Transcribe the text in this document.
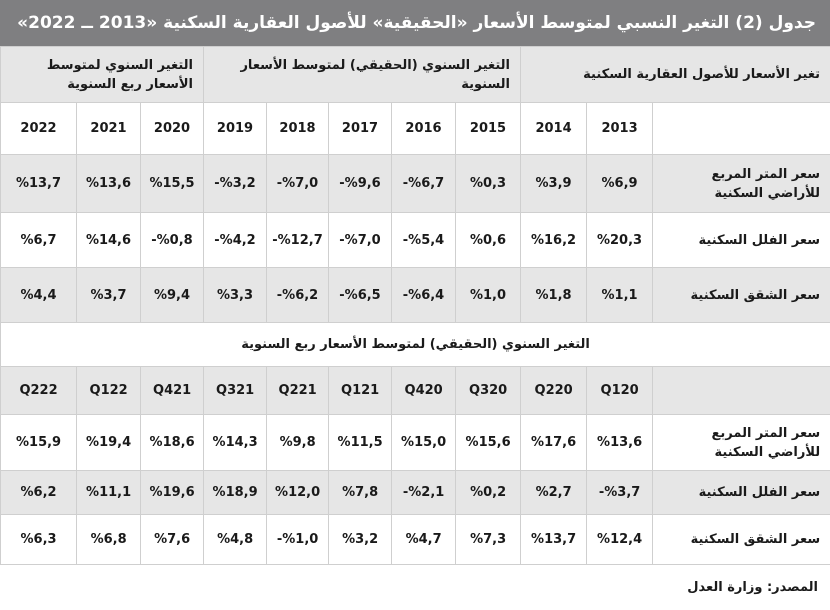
جدول (2) التغير النسبي لمتوسط الأسعار «الحقيقية» للأصول العقارية السكنية «2013 ــ 2022»
تغير الأسعار للأصول العقارية السكنية			التغير السنوي (الحقيقي) لمتوسط الأسعار السنوية					التغير السنوي لمتوسط الأسعار ربع السنوية		
	2013	2014	2015	2016	2017	2018	2019	2020	2021	2022
سعر المتر المربع للأراضي السكنية	%6,9	%3,9	%0,3	-%6,7	-%9,6	-%7,0	-%3,2	%15,5	%13,6	%13,7
سعر الفلل السكنية	%20,3	%16,2	%0,6	-%5,4	-%7,0	-%12,7	-%4,2	-%0,8	%14,6	%6,7
سعر الشقق السكنية	%1,1	%1,8	%1,0	-%6,4	-%6,5	-%6,2	%3,3	%9,4	%3,7	%4,4
التغير السنوي (الحقيقي) لمتوسط الأسعار ربع السنوية										
	Q120	Q220	Q320	Q420	Q121	Q221	Q321	Q421	Q122	Q222
سعر المتر المربع للأراضي السكنية	%13,6	%17,6	%15,6	%15,0	%11,5	%9,8	%14,3	%18,6	%19,4	%15,9
سعر الفلل السكنية	-%3,7	%2,7	%0,2	-%2,1	%7,8	%12,0	%18,9	%19,6	%11,1	%6,2
سعر الشقق السكنية	%12,4	%13,7	%7,3	%4,7	%3,2	-%1,0	%4,8	%7,6	%6,8	%6,3
المصدر: وزارة العدل
